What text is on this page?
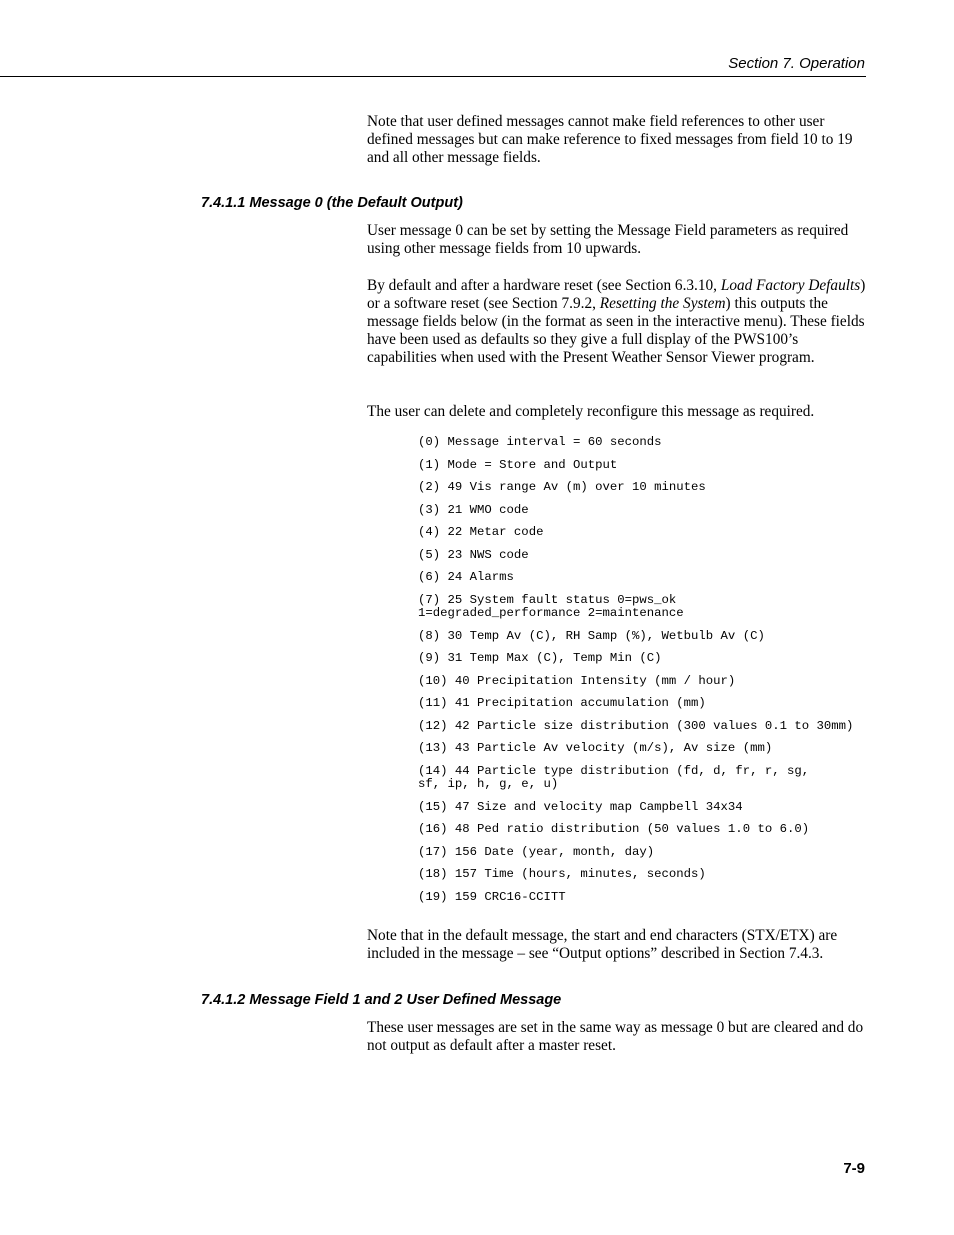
Section 7. Operation

Note that user defined messages cannot make field references to other user defined messages but can make reference to fixed messages from field 10 to 19 and all other message fields.

7.4.1.1 Message 0 (the Default Output)

User message 0 can be set by setting the Message Field parameters as required using other message fields from 10 upwards.

By default and after a hardware reset (see Section 6.3.10, Load Factory Defaults) or a software reset (see Section 7.9.2, Resetting the System) this outputs the message fields below (in the format as seen in the interactive menu). These fields have been used as defaults so they give a full display of the PWS100’s capabilities when used with the Present Weather Sensor Viewer program.

The user can delete and completely reconfigure this message as required.

(0) Message interval = 60 seconds
(1) Mode = Store and Output
(2) 49 Vis range Av (m) over 10 minutes
(3) 21 WMO code
(4) 22 Metar code
(5) 23 NWS code
(6) 24 Alarms
(7) 25 System fault status 0=pws_ok
1=degraded_performance 2=maintenance
(8) 30 Temp Av (C), RH Samp (%), Wetbulb Av (C)
(9) 31 Temp Max (C), Temp Min (C)
(10) 40 Precipitation Intensity (mm / hour)
(11) 41 Precipitation accumulation (mm)
(12) 42 Particle size distribution (300 values 0.1 to 30mm)
(13) 43 Particle Av velocity (m/s), Av size (mm)
(14) 44 Particle type distribution (fd, d, fr, r, sg,
sf, ip, h, g, e, u)
(15) 47 Size and velocity map Campbell 34x34
(16) 48 Ped ratio distribution (50 values 1.0 to 6.0)
(17) 156 Date (year, month, day)
(18) 157 Time (hours, minutes, seconds)
(19) 159 CRC16-CCITT

Note that in the default message, the start and end characters (STX/ETX) are included in the message – see “Output options” described in Section 7.4.3.

7.4.1.2 Message Field 1 and 2 User Defined Message

These user messages are set in the same way as message 0 but are cleared and do not output as default after a master reset.

7-9
